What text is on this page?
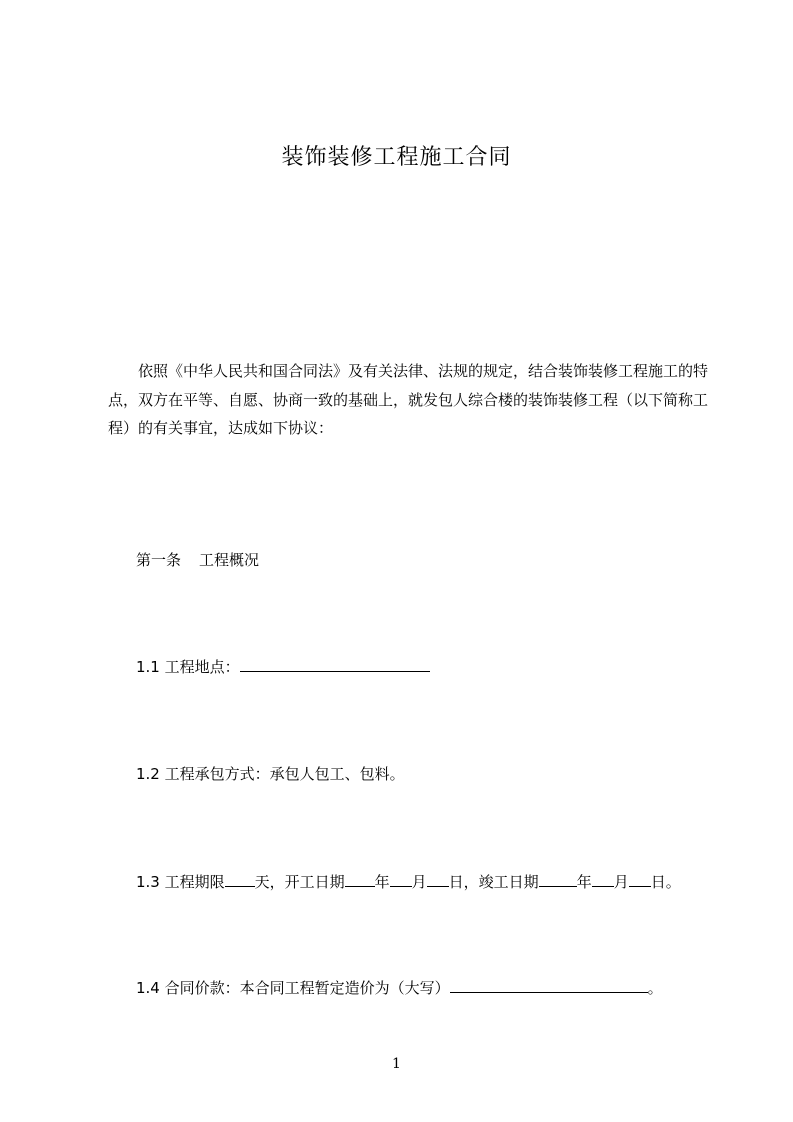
装饰装修工程施工合同

依照《中华人民共和国合同法》及有关法律、法规的规定，结合装饰装修工程施工的特点，双方在平等、自愿、协商一致的基础上，就发包人综合楼的装饰装修工程（以下简称工程）的有关事宜，达成如下协议：

第一条 工程概况

1.1 工程地点：

1.2 工程承包方式：承包人包工、包料。

1.3 工程期限 天，开工日期 年 月 日，竣工日期	年 月 日。

1.4 合同价款：本合同工程暂定造价为（大写）	。

1
